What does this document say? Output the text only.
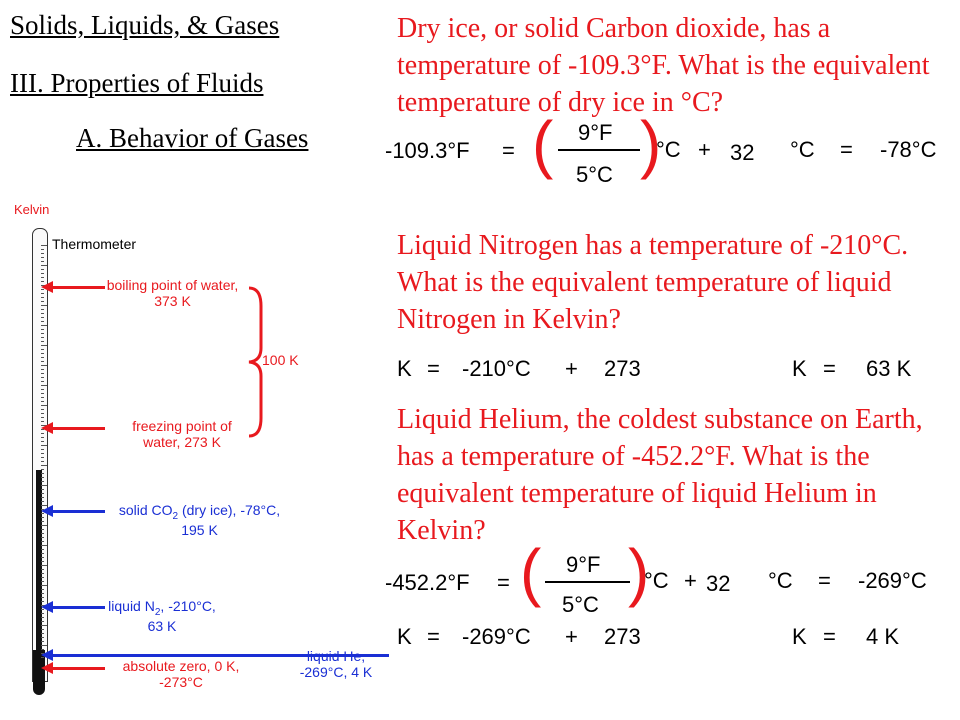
Solids, Liquids, & Gases
III. Properties of Fluids
A. Behavior of Gases
Dry ice, or solid Carbon dioxide, has a temperature of -109.3°F. What is the equivalent temperature of dry ice in °C?
-109.3°F = ( 9°F
5°C )
°C + 32 °C = -78°C
Liquid Nitrogen has a temperature of -210°C. What is the equivalent temperature of liquid Nitrogen in Kelvin?
K = -210°C + 273	K = 63 K
Liquid Helium, the coldest substance on Earth, has a temperature of -452.2°F. What is the equivalent temperature of liquid Helium in Kelvin?
-452.2°F = ( 9°F
5°C )
°C + 32 °C = -269°C
K = -269°C + 273	K = 4 K
Kelvin
Thermometer
boiling point of water, 373 K
100 K
freezing point of water, 273 K
solid $CO_2$ (dry ice), -78°C, 195 K
liquid $N_2$, -210°C, 63 K
liquid He, -269°C, 4 K
absolute zero, 0 K, -273°C
